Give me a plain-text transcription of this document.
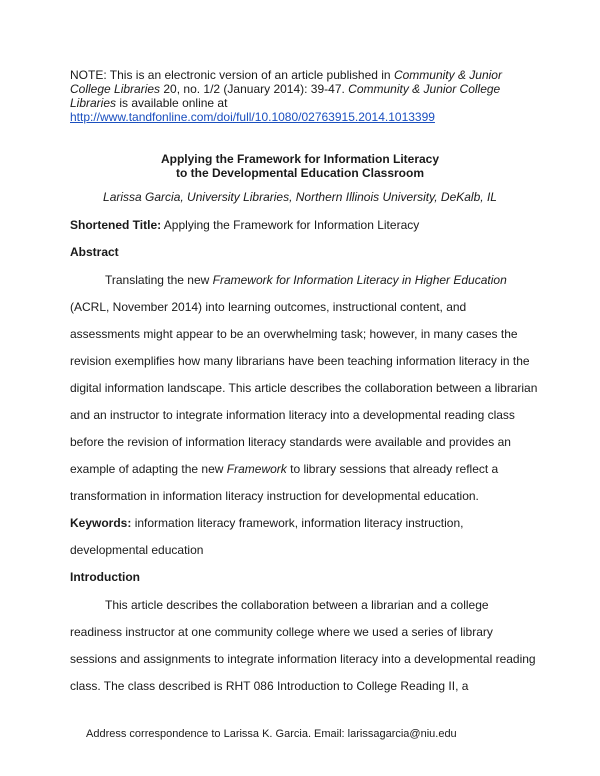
NOTE: This is an electronic version of an article published in Community & Junior College Libraries 20, no. 1/2 (January 2014): 39-47. Community & Junior College Libraries is available online at
http://www.tandfonline.com/doi/full/10.1080/02763915.2014.1013399
Applying the Framework for Information Literacy
to the Developmental Education Classroom
Larissa Garcia, University Libraries, Northern Illinois University, DeKalb, IL
Shortened Title: Applying the Framework for Information Literacy
Abstract
Translating the new Framework for Information Literacy in Higher Education
(ACRL, November 2014) into learning outcomes, instructional content, and
assessments might appear to be an overwhelming task; however, in many cases the
revision exemplifies how many librarians have been teaching information literacy in the
digital information landscape. This article describes the collaboration between a librarian
and an instructor to integrate information literacy into a developmental reading class
before the revision of information literacy standards were available and provides an
example of adapting the new Framework to library sessions that already reflect a
transformation in information literacy instruction for developmental education.
Keywords: information literacy framework, information literacy instruction,
developmental education
Introduction
This article describes the collaboration between a librarian and a college
readiness instructor at one community college where we used a series of library
sessions and assignments to integrate information literacy into a developmental reading
class. The class described is RHT 086 Introduction to College Reading II, a
Address correspondence to Larissa K. Garcia. Email: larissagarcia@niu.edu
